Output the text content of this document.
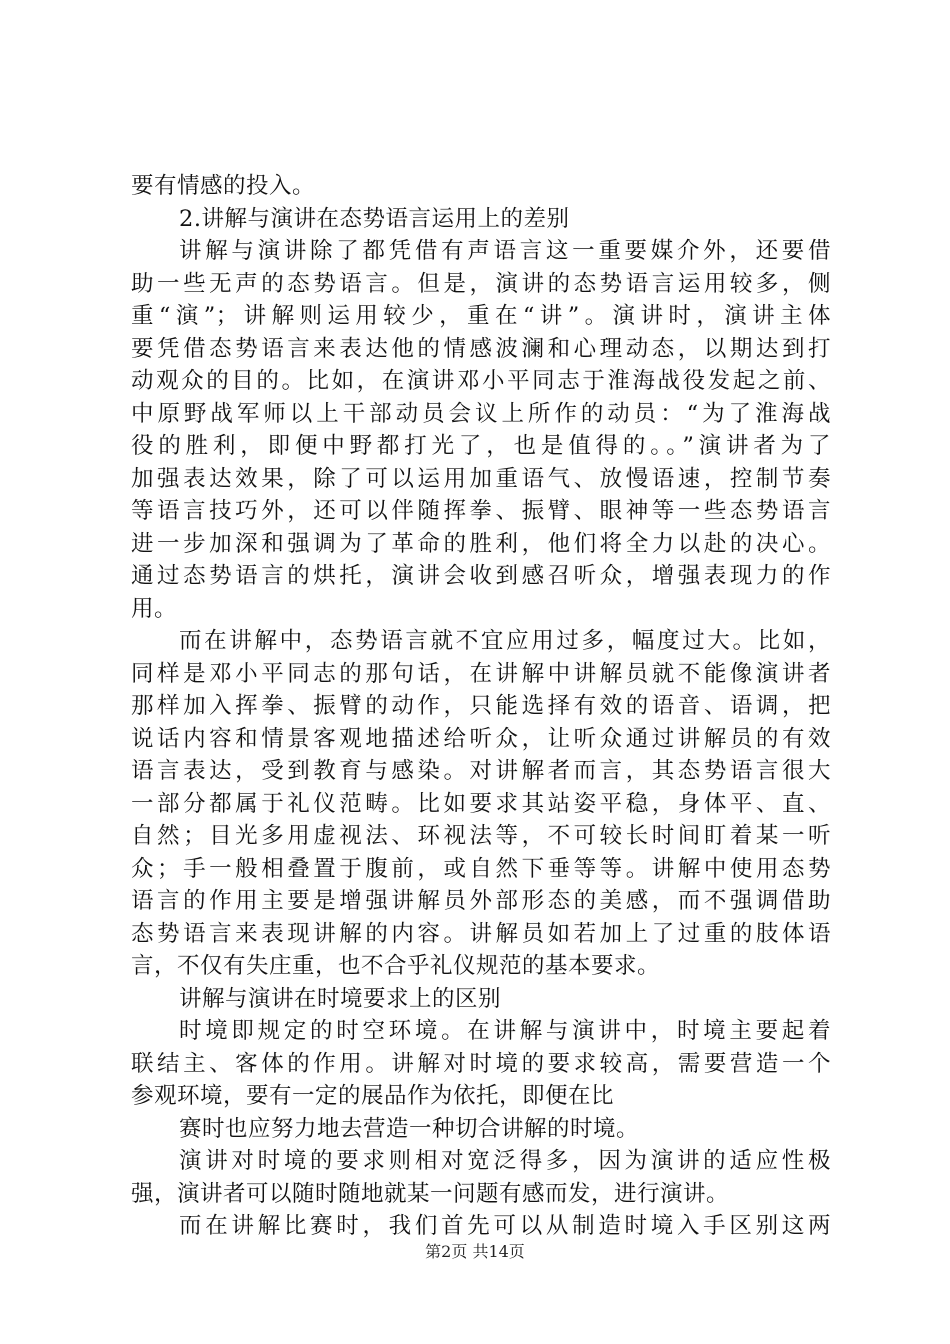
要有情感的投入。
2.讲解与演讲在态势语言运用上的差别
讲解与演讲除了都凭借有声语言这一重要媒介外，还要借
助一些无声的态势语言。但是，演讲的态势语言运用较多，侧
重“演”；讲解则运用较少，重在“讲”。演讲时，演讲主体
要凭借态势语言来表达他的情感波澜和心理动态，以期达到打
动观众的目的。比如，在演讲邓小平同志于淮海战役发起之前、
中原野战军师以上干部动员会议上所作的动员：“为了淮海战
役的胜利，即便中野都打光了，也是值得的。。”演讲者为了
加强表达效果，除了可以运用加重语气、放慢语速，控制节奏
等语言技巧外，还可以伴随挥拳、振臂、眼神等一些态势语言
进一步加深和强调为了革命的胜利，他们将全力以赴的决心。
通过态势语言的烘托，演讲会收到感召听众，增强表现力的作
用。
而在讲解中，态势语言就不宜应用过多，幅度过大。比如，
同样是邓小平同志的那句话，在讲解中讲解员就不能像演讲者
那样加入挥拳、振臂的动作，只能选择有效的语音、语调，把
说话内容和情景客观地描述给听众，让听众通过讲解员的有效
语言表达，受到教育与感染。对讲解者而言，其态势语言很大
一部分都属于礼仪范畴。比如要求其站姿平稳，身体平、直、
自然；目光多用虚视法、环视法等，不可较长时间盯着某一听
众；手一般相叠置于腹前，或自然下垂等等。讲解中使用态势
语言的作用主要是增强讲解员外部形态的美感，而不强调借助
态势语言来表现讲解的内容。讲解员如若加上了过重的肢体语
言，不仅有失庄重，也不合乎礼仪规范的基本要求。
讲解与演讲在时境要求上的区别
时境即规定的时空环境。在讲解与演讲中，时境主要起着
联结主、客体的作用。讲解对时境的要求较高，需要营造一个
参观环境，要有一定的展品作为依托，即便在比
赛时也应努力地去营造一种切合讲解的时境。
演讲对时境的要求则相对宽泛得多，因为演讲的适应性极
强，演讲者可以随时随地就某一问题有感而发，进行演讲。
而在讲解比赛时，我们首先可以从制造时境入手区别这两
第2页 共14页
